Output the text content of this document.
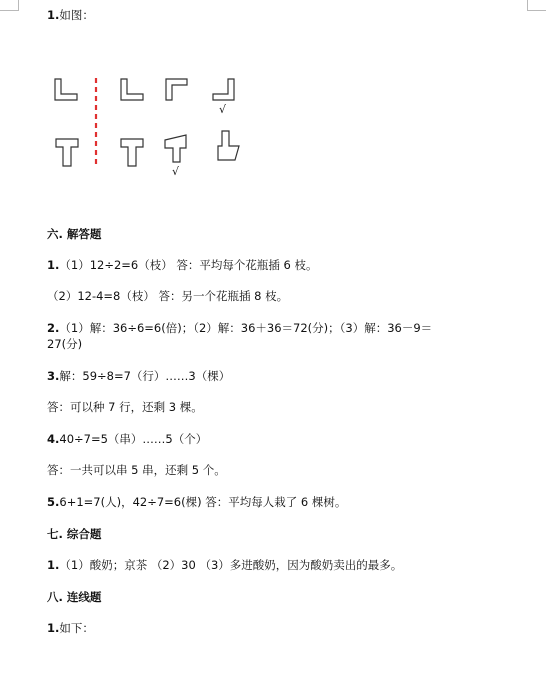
1.如图：
√
√
六. 解答题
1.（1）12÷2=6（枝） 答：平均每个花瓶插 6 枝。
（2）12-4=8（枝） 答：另一个花瓶插 8 枝。
2.（1）解：36÷6=6(倍)；（2）解：36＋36＝72(分)；（3）解：36－9＝
27(分)
3.解：59÷8=7（行）……3（棵）
答：可以种 7 行，还剩 3 棵。
4.40÷7=5（串）……5（个）
答：一共可以串 5 串，还剩 5 个。
5.6+1=7(人)，42÷7=6(棵) 答：平均每人栽了 6 棵树。
七. 综合题
1.（1）酸奶；京茶 （2）30 （3）多进酸奶，因为酸奶卖出的最多。
八. 连线题
1.如下：
